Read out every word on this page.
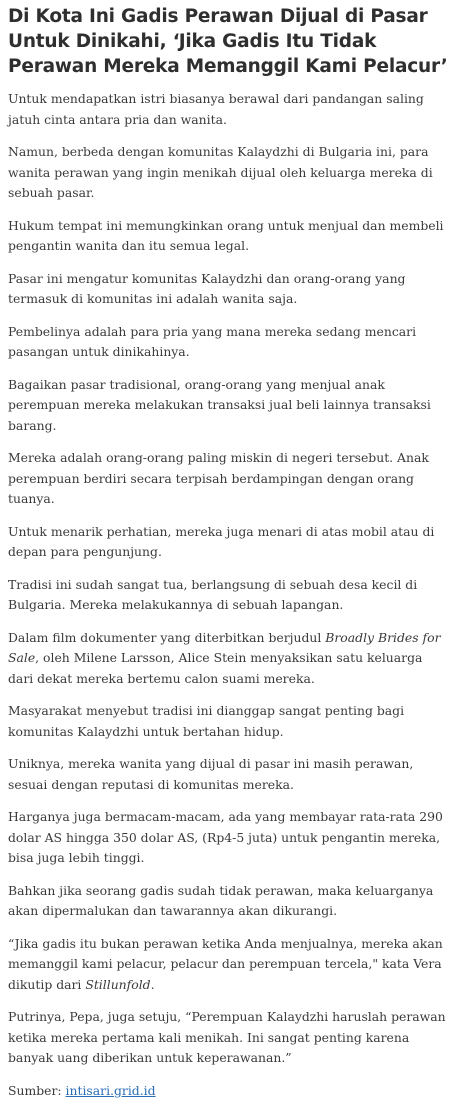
Di Kota Ini Gadis Perawan Dijual di Pasar Untuk Dinikahi, ‘Jika Gadis Itu Tidak Perawan Mereka Memanggil Kami Pelacur’

Untuk mendapatkan istri biasanya berawal dari pandangan saling jatuh cinta antara pria dan wanita.

Namun, berbeda dengan komunitas Kalaydzhi di Bulgaria ini, para wanita perawan yang ingin menikah dijual oleh keluarga mereka di sebuah pasar.

Hukum tempat ini memungkinkan orang untuk menjual dan membeli pengantin wanita dan itu semua legal.

Pasar ini mengatur komunitas Kalaydzhi dan orang-orang yang termasuk di komunitas ini adalah wanita saja.

Pembelinya adalah para pria yang mana mereka sedang mencari pasangan untuk dinikahinya.

Bagaikan pasar tradisional, orang-orang yang menjual anak perempuan mereka melakukan transaksi jual beli lainnya transaksi barang.

Mereka adalah orang-orang paling miskin di negeri tersebut. Anak perempuan berdiri secara terpisah berdampingan dengan orang tuanya.

Untuk menarik perhatian, mereka juga menari di atas mobil atau di depan para pengunjung.

Tradisi ini sudah sangat tua, berlangsung di sebuah desa kecil di Bulgaria. Mereka melakukannya di sebuah lapangan.

Dalam film dokumenter yang diterbitkan berjudul Broadly Brides for Sale, oleh Milene Larsson, Alice Stein menyaksikan satu keluarga dari dekat mereka bertemu calon suami mereka.

Masyarakat menyebut tradisi ini dianggap sangat penting bagi komunitas Kalaydzhi untuk bertahan hidup.

Uniknya, mereka wanita yang dijual di pasar ini masih perawan, sesuai dengan reputasi di komunitas mereka.

Harganya juga bermacam-macam, ada yang membayar rata-rata 290 dolar AS hingga 350 dolar AS, (Rp4-5 juta) untuk pengantin mereka, bisa juga lebih tinggi.

Bahkan jika seorang gadis sudah tidak perawan, maka keluarganya akan dipermalukan dan tawarannya akan dikurangi.

“Jika gadis itu bukan perawan ketika Anda menjualnya, mereka akan memanggil kami pelacur, pelacur dan perempuan tercela," kata Vera dikutip dari Stillunfold.

Putrinya, Pepa, juga setuju, “Perempuan Kalaydzhi haruslah perawan ketika mereka pertama kali menikah. Ini sangat penting karena banyak uang diberikan untuk keperawanan.”

Sumber: intisari.grid.id
